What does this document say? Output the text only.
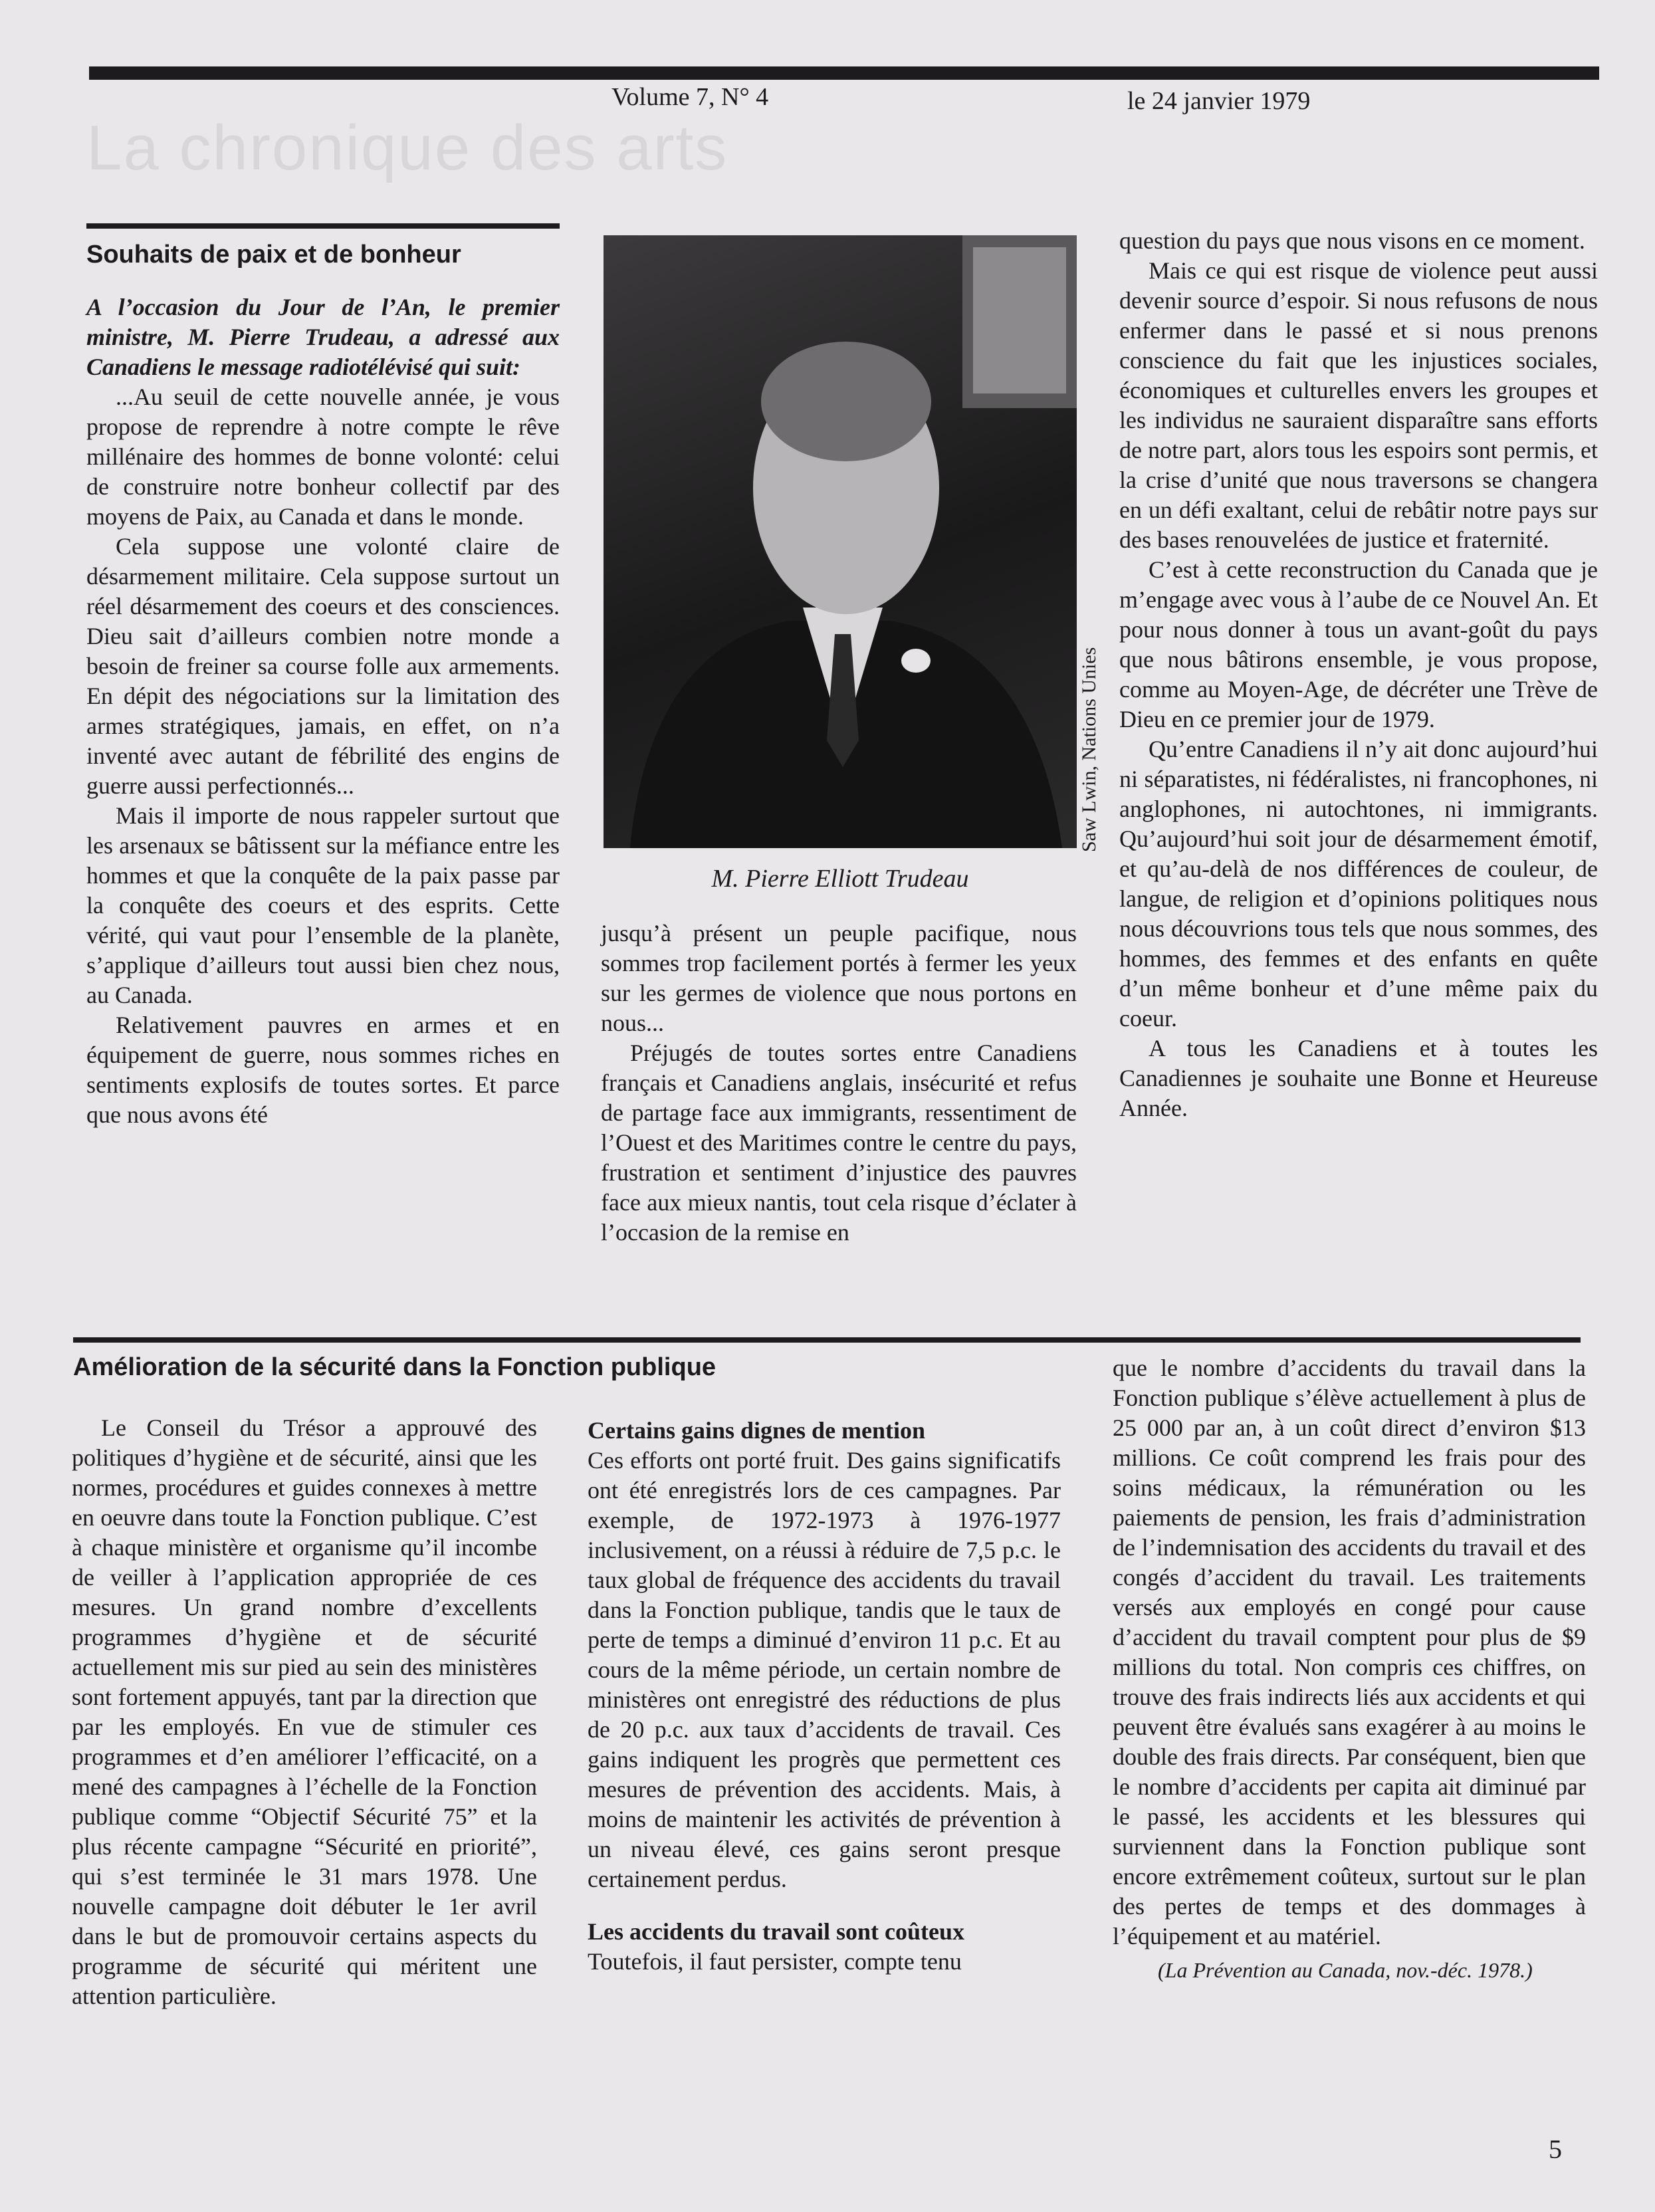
Volume 7, N° 4	le 24 janvier 1979
La chronique des arts
Souhaits de paix et de bonheur

A l’occasion du Jour de l’An, le premier ministre, M. Pierre Trudeau, a adressé aux Canadiens le message radiotélévisé qui suit:

...Au seuil de cette nouvelle année, je vous propose de reprendre à notre compte le rêve millénaire des hommes de bonne volonté: celui de construire notre bonheur collectif par des moyens de Paix, au Canada et dans le monde.

Cela suppose une volonté claire de désarmement militaire. Cela suppose surtout un réel désarmement des coeurs et des consciences. Dieu sait d’ailleurs combien notre monde a besoin de freiner sa course folle aux armements. En dépit des négociations sur la limitation des armes stratégiques, jamais, en effet, on n’a inventé avec autant de fébrilité des engins de guerre aussi perfectionnés...

Mais il importe de nous rappeler surtout que les arsenaux se bâtissent sur la méfiance entre les hommes et que la conquête de la paix passe par la conquête des coeurs et des esprits. Cette vérité, qui vaut pour l’ensemble de la planète, s’applique d’ailleurs tout aussi bien chez nous, au Canada.

Relativement pauvres en armes et en équipement de guerre, nous sommes riches en sentiments explosifs de toutes sortes. Et parce que nous avons été

M. Pierre Elliott Trudeau
Saw Lwin, Nations Unies

jusqu’à présent un peuple pacifique, nous sommes trop facilement portés à fermer les yeux sur les germes de violence que nous portons en nous...

Préjugés de toutes sortes entre Canadiens français et Canadiens anglais, insécurité et refus de partage face aux immigrants, ressentiment de l’Ouest et des Maritimes contre le centre du pays, frustration et sentiment d’injustice des pauvres face aux mieux nantis, tout cela risque d’éclater à l’occasion de la remise en

question du pays que nous visons en ce moment.

Mais ce qui est risque de violence peut aussi devenir source d’espoir. Si nous refusons de nous enfermer dans le passé et si nous prenons conscience du fait que les injustices sociales, économiques et culturelles envers les groupes et les individus ne sauraient disparaître sans efforts de notre part, alors tous les espoirs sont permis, et la crise d’unité que nous traversons se changera en un défi exaltant, celui de rebâtir notre pays sur des bases renouvelées de justice et fraternité.

C’est à cette reconstruction du Canada que je m’engage avec vous à l’aube de ce Nouvel An. Et pour nous donner à tous un avant-goût du pays que nous bâtirons ensemble, je vous propose, comme au Moyen-Age, de décréter une Trève de Dieu en ce premier jour de 1979.

Qu’entre Canadiens il n’y ait donc aujourd’hui ni séparatistes, ni fédéralistes, ni francophones, ni anglophones, ni autochtones, ni immigrants. Qu’aujourd’hui soit jour de désarmement émotif, et qu’au-delà de nos différences de couleur, de langue, de religion et d’opinions politiques nous nous découvrions tous tels que nous sommes, des hommes, des femmes et des enfants en quête d’un même bonheur et d’une même paix du coeur.

A tous les Canadiens et à toutes les Canadiennes je souhaite une Bonne et Heureuse Année.

Amélioration de la sécurité dans la Fonction publique

Le Conseil du Trésor a approuvé des politiques d’hygiène et de sécurité, ainsi que les normes, procédures et guides connexes à mettre en oeuvre dans toute la Fonction publique. C’est à chaque ministère et organisme qu’il incombe de veiller à l’application appropriée de ces mesures. Un grand nombre d’excellents programmes d’hygiène et de sécurité actuellement mis sur pied au sein des ministères sont fortement appuyés, tant par la direction que par les employés. En vue de stimuler ces programmes et d’en améliorer l’efficacité, on a mené des campagnes à l’échelle de la Fonction publique comme “Objectif Sécurité 75” et la plus récente campagne “Sécurité en priorité”, qui s’est terminée le 31 mars 1978. Une nouvelle campagne doit débuter le 1er avril dans le but de promouvoir certains aspects du programme de sécurité qui méritent une attention particulière.

Certains gains dignes de mention

Ces efforts ont porté fruit. Des gains significatifs ont été enregistrés lors de ces campagnes. Par exemple, de 1972-1973 à 1976-1977 inclusivement, on a réussi à réduire de 7,5 p.c. le taux global de fréquence des accidents du travail dans la Fonction publique, tandis que le taux de perte de temps a diminué d’environ 11 p.c. Et au cours de la même période, un certain nombre de ministères ont enregistré des réductions de plus de 20 p.c. aux taux d’accidents de travail. Ces gains indiquent les progrès que permettent ces mesures de prévention des accidents. Mais, à moins de maintenir les activités de prévention à un niveau élevé, ces gains seront presque certainement perdus.

Les accidents du travail sont coûteux

Toutefois, il faut persister, compte tenu

que le nombre d’accidents du travail dans la Fonction publique s’élève actuellement à plus de 25 000 par an, à un coût direct d’environ $13 millions. Ce coût comprend les frais pour des soins médicaux, la rémunération ou les paiements de pension, les frais d’administration de l’indemnisation des accidents du travail et des congés d’accident du travail. Les traitements versés aux employés en congé pour cause d’accident du travail comptent pour plus de $9 millions du total. Non compris ces chiffres, on trouve des frais indirects liés aux accidents et qui peuvent être évalués sans exagérer à au moins le double des frais directs. Par conséquent, bien que le nombre d’accidents per capita ait diminué par le passé, les accidents et les blessures qui surviennent dans la Fonction publique sont encore extrêmement coûteux, surtout sur le plan des pertes de temps et des dommages à l’équipement et au matériel.

(La Prévention au Canada, nov.-déc. 1978.)

5
